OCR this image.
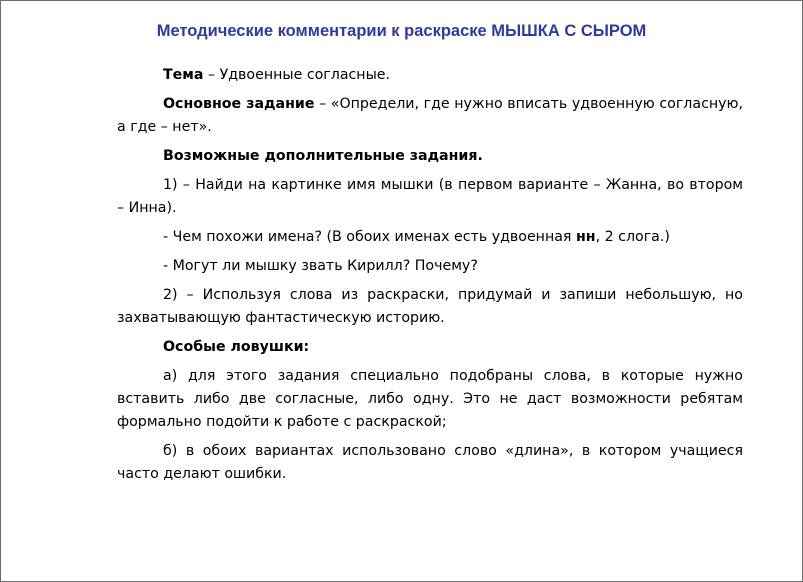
Методические комментарии к раскраске МЫШКА С СЫРОМ

Тема – Удвоенные согласные.

Основное задание – «Определи, где нужно вписать удвоенную согласную, а где – нет».

Возможные дополнительные задания.

1) – Найди на картинке имя мышки (в первом варианте – Жанна, во втором – Инна).

- Чем похожи имена? (В обоих именах есть удвоенная нн, 2 слога.)

- Могут ли мышку звать Кирилл? Почему?

2) – Используя слова из раскраски, придумай и запиши небольшую, но захватывающую фантастическую историю.

Особые ловушки:

а) для этого задания специально подобраны слова, в которые нужно вставить либо две согласные, либо одну. Это не даст возможности ребятам формально подойти к работе с раскраской;

б) в обоих вариантах использовано слово «длина», в котором учащиеся часто делают ошибки.
